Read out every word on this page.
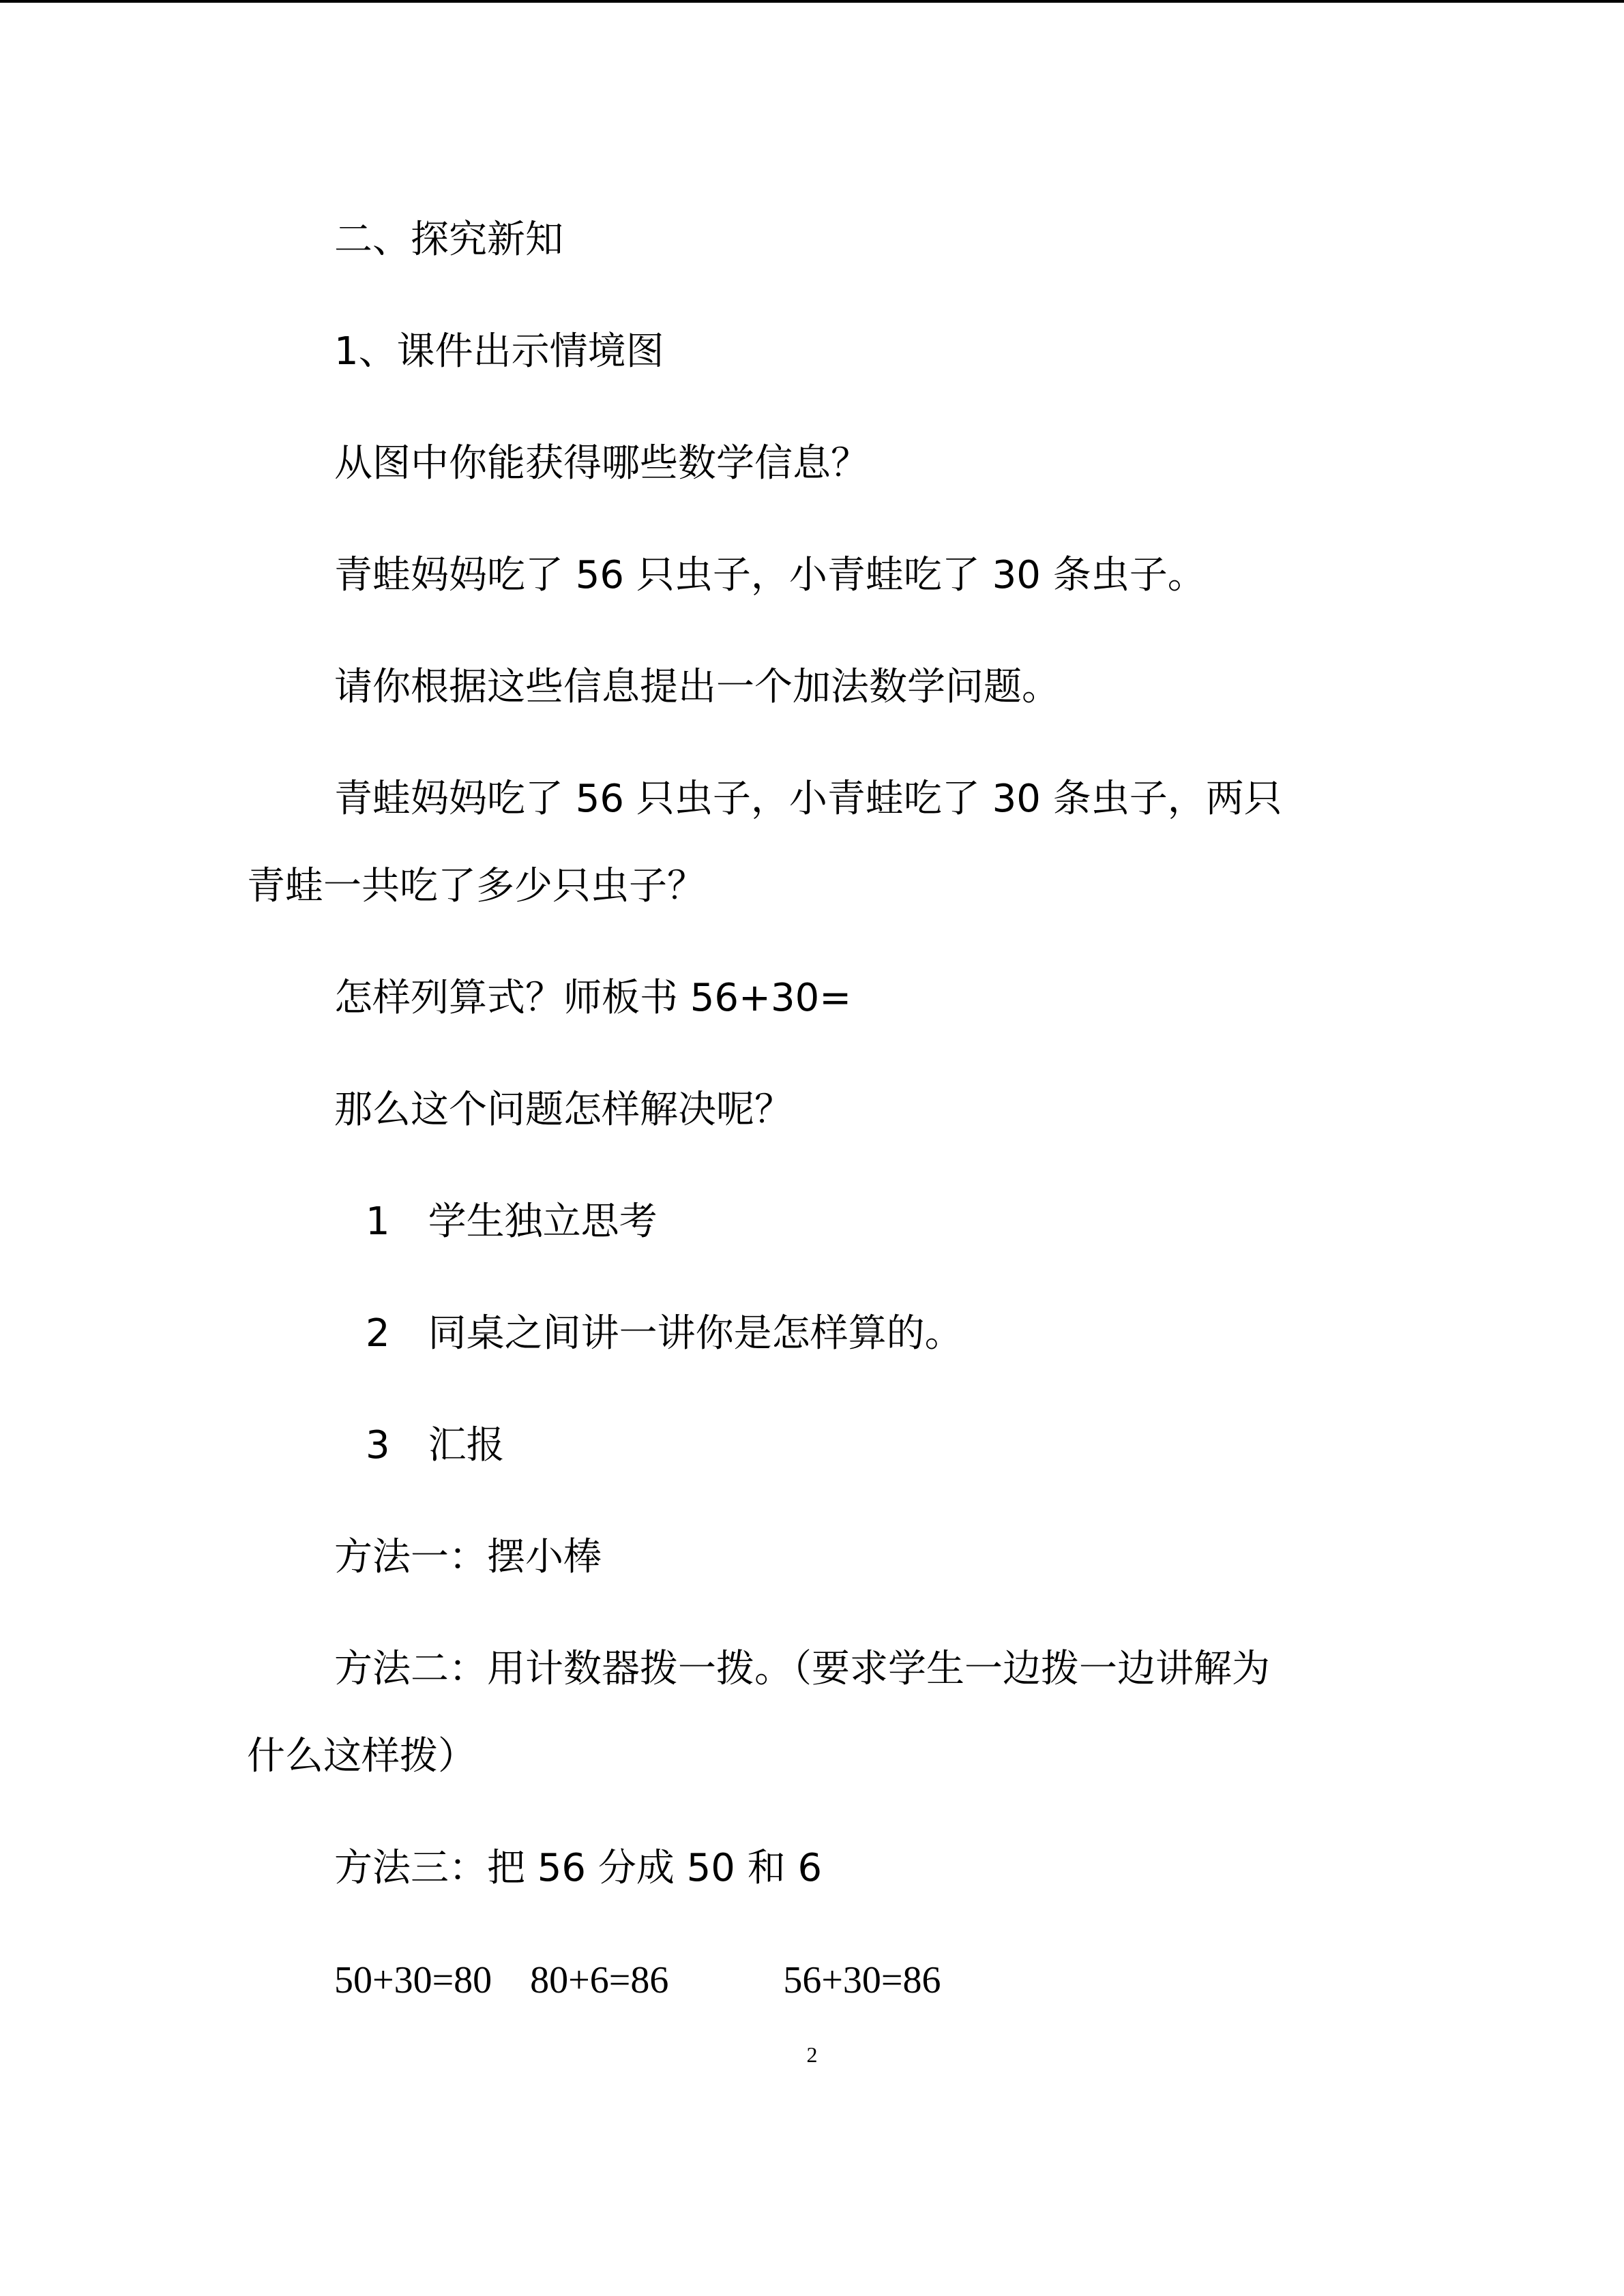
二、探究新知
1、课件出示情境图
从图中你能获得哪些数学信息？
青蛙妈妈吃了 56 只虫子，小青蛙吃了 30 条虫子。
请你根据这些信息提出一个加法数学问题。
青蛙妈妈吃了 56 只虫子，小青蛙吃了 30 条虫子，两只
青蛙一共吃了多少只虫子？
怎样列算式？师板书 56+30=
那么这个问题怎样解决呢？
1　学生独立思考
2　同桌之间讲一讲你是怎样算的。
3　汇报
方法一：摆小棒
方法二：用计数器拨一拨。（要求学生一边拨一边讲解为
什么这样拨）
方法三：把 56 分成 50 和 6
50+30=80　80+6=86　　　56+30=86
2
